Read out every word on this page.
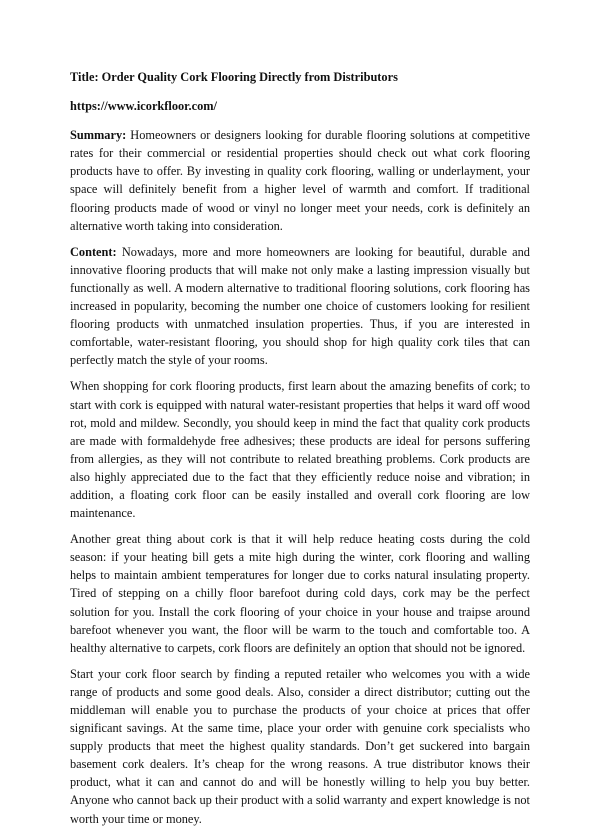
Title: Order Quality Cork Flooring Directly from Distributors
https://www.icorkfloor.com/

Summary: Homeowners or designers looking for durable flooring solutions at competitive rates for their commercial or residential properties should check out what cork flooring products have to offer. By investing in quality cork flooring, walling or underlayment, your space will definitely benefit from a higher level of warmth and comfort. If traditional flooring products made of wood or vinyl no longer meet your needs, cork is definitely an alternative worth taking into consideration.

Content: Nowadays, more and more homeowners are looking for beautiful, durable and innovative flooring products that will make not only make a lasting impression visually but functionally as well. A modern alternative to traditional flooring solutions, cork flooring has increased in popularity, becoming the number one choice of customers looking for resilient flooring products with unmatched insulation properties. Thus, if you are interested in comfortable, water-resistant flooring, you should shop for high quality cork tiles that can perfectly match the style of your rooms.

When shopping for cork flooring products, first learn about the amazing benefits of cork; to start with cork is equipped with natural water-resistant properties that helps it ward off wood rot, mold and mildew. Secondly, you should keep in mind the fact that quality cork products are made with formaldehyde free adhesives; these products are ideal for persons suffering from allergies, as they will not contribute to related breathing problems. Cork products are also highly appreciated due to the fact that they efficiently reduce noise and vibration; in addition, a floating cork floor can be easily installed and overall cork flooring are low maintenance.

Another great thing about cork is that it will help reduce heating costs during the cold season: if your heating bill gets a mite high during the winter, cork flooring and walling helps to maintain ambient temperatures for longer due to corks natural insulating property. Tired of stepping on a chilly floor barefoot during cold days, cork may be the perfect solution for you. Install the cork flooring of your choice in your house and traipse around barefoot whenever you want, the floor will be warm to the touch and comfortable too. A healthy alternative to carpets, cork floors are definitely an option that should not be ignored.

Start your cork floor search by finding a reputed retailer who welcomes you with a wide range of products and some good deals. Also, consider a direct distributor; cutting out the middleman will enable you to purchase the products of your choice at prices that offer significant savings. At the same time, place your order with genuine cork specialists who supply products that meet the highest quality standards. Don’t get suckered into bargain basement cork dealers. It’s cheap for the wrong reasons. A true distributor knows their product, what it can and cannot do and will be honestly willing to help you buy better. Anyone who cannot back up their product with a solid warranty and expert knowledge is not worth your time or money.
